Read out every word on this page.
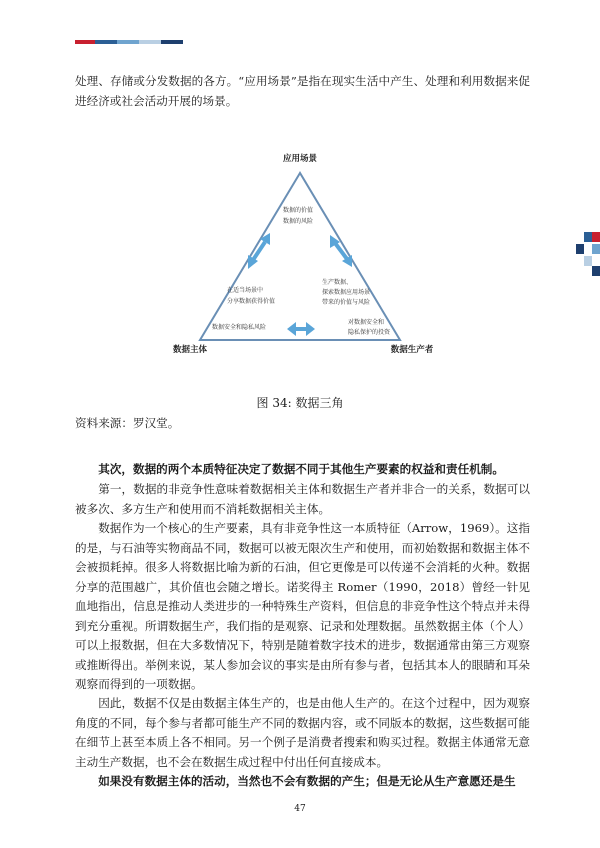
处理、存储或分发数据的各方。“应用场景”是指在现实生活中产生、处理和利用数据来促进经济或社会活动开展的场景。

应用场景
数据主体	数据生产者
数据的价值
数据的风险
在适当场景中
分享数据获得价值
生产数据、
探索数据应用场景
带来的价值与风险
数据安全和隐私风险
对数据安全和
隐私保护的投资
图 34: 数据三角
资料来源：罗汉堂。

其次，数据的两个本质特征决定了数据不同于其他生产要素的权益和责任机制。

第一，数据的非竞争性意味着数据相关主体和数据生产者并非合一的关系，数据可以被多次、多方生产和使用而不消耗数据相关主体。

数据作为一个核心的生产要素，具有非竞争性这一本质特征（Arrow，1969）。这指的是，与石油等实物商品不同，数据可以被无限次生产和使用，而初始数据和数据主体不会被损耗掉。很多人将数据比喻为新的石油，但它更像是可以传递不会消耗的火种。数据分享的范围越广，其价值也会随之增长。诺奖得主 Romer（1990，2018）曾经一针见血地指出，信息是推动人类进步的一种特殊生产资料，但信息的非竞争性这个特点并未得到充分重视。所谓数据生产，我们指的是观察、记录和处理数据。虽然数据主体（个人）可以上报数据，但在大多数情况下，特别是随着数字技术的进步，数据通常由第三方观察或推断得出。举例来说，某人参加会议的事实是由所有参与者，包括其本人的眼睛和耳朵观察而得到的一项数据。

因此，数据不仅是由数据主体生产的，也是由他人生产的。在这个过程中，因为观察角度的不同，每个参与者都可能生产不同的数据内容，或不同版本的数据，这些数据可能在细节上甚至本质上各不相同。另一个例子是消费者搜索和购买过程。数据主体通常无意主动生产数据，也不会在数据生成过程中付出任何直接成本。

如果没有数据主体的活动，当然也不会有数据的产生；但是无论从生产意愿还是生

47
